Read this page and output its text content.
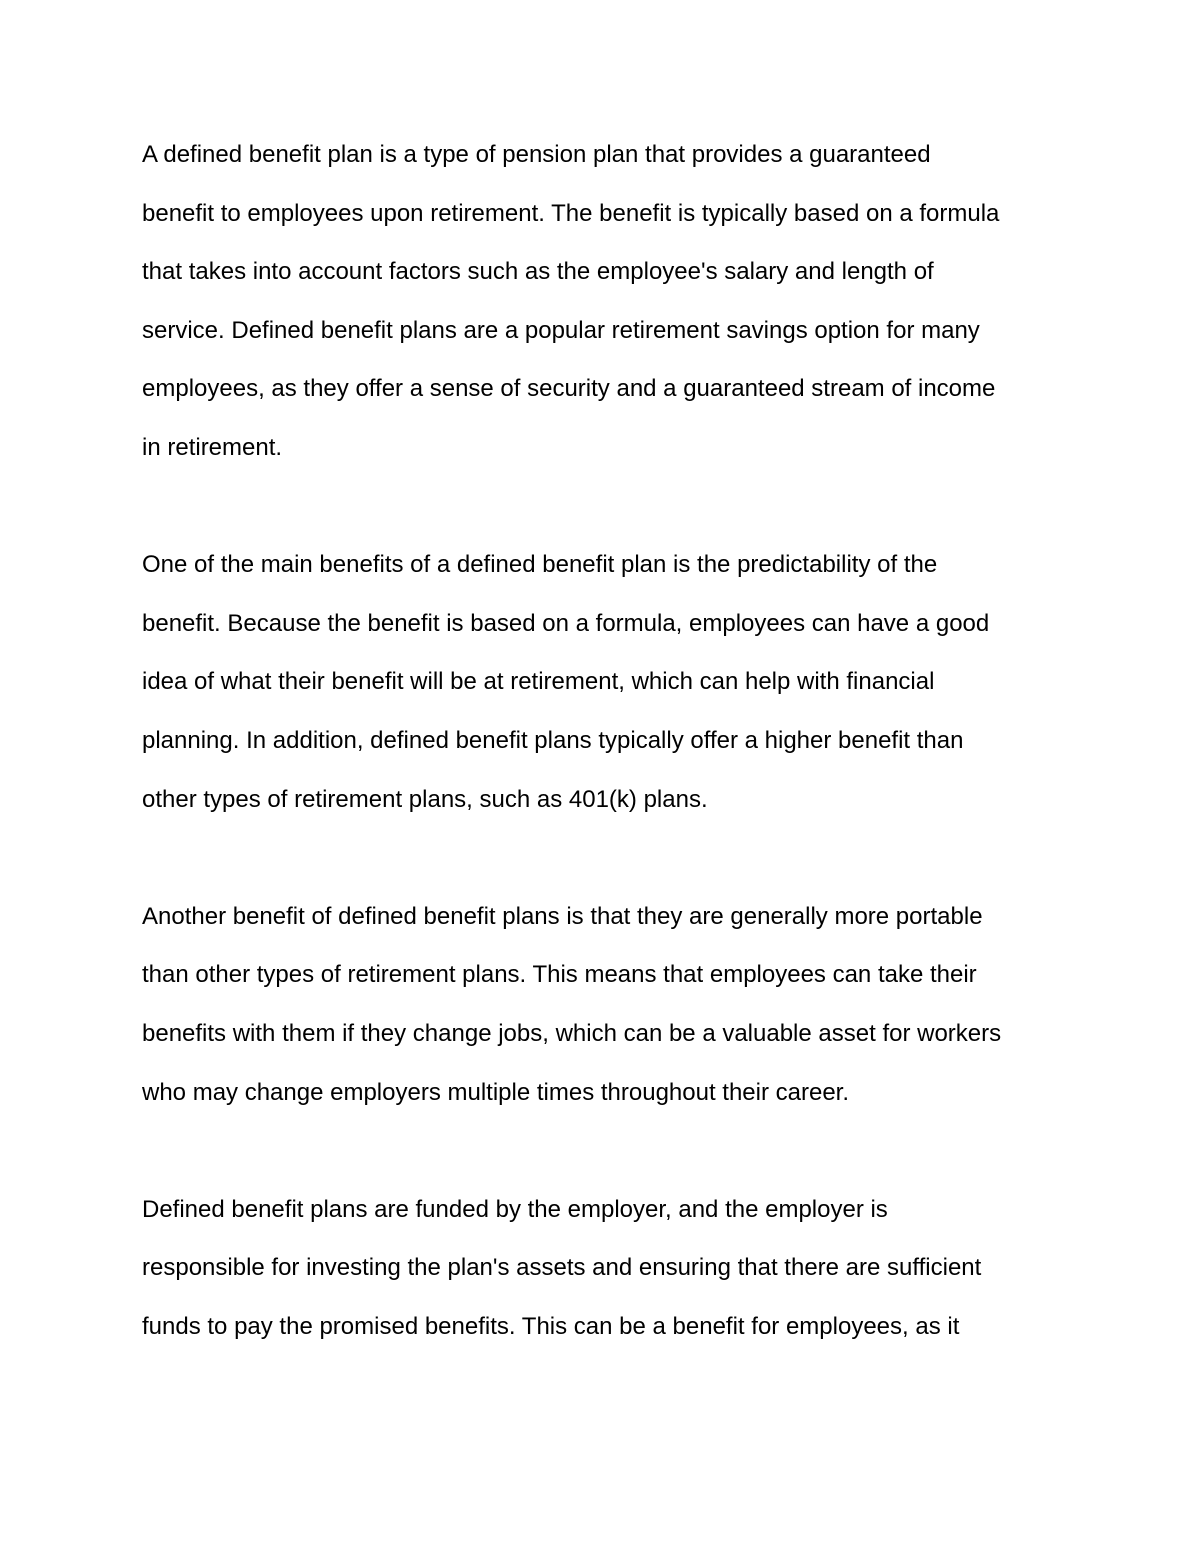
A defined benefit plan is a type of pension plan that provides a guaranteed
benefit to employees upon retirement. The benefit is typically based on a formula
that takes into account factors such as the employee's salary and length of
service. Defined benefit plans are a popular retirement savings option for many
employees, as they offer a sense of security and a guaranteed stream of income
in retirement.
One of the main benefits of a defined benefit plan is the predictability of the
benefit. Because the benefit is based on a formula, employees can have a good
idea of what their benefit will be at retirement, which can help with financial
planning. In addition, defined benefit plans typically offer a higher benefit than
other types of retirement plans, such as 401(k) plans.
Another benefit of defined benefit plans is that they are generally more portable
than other types of retirement plans. This means that employees can take their
benefits with them if they change jobs, which can be a valuable asset for workers
who may change employers multiple times throughout their career.
Defined benefit plans are funded by the employer, and the employer is
responsible for investing the plan's assets and ensuring that there are sufficient
funds to pay the promised benefits. This can be a benefit for employees, as it
